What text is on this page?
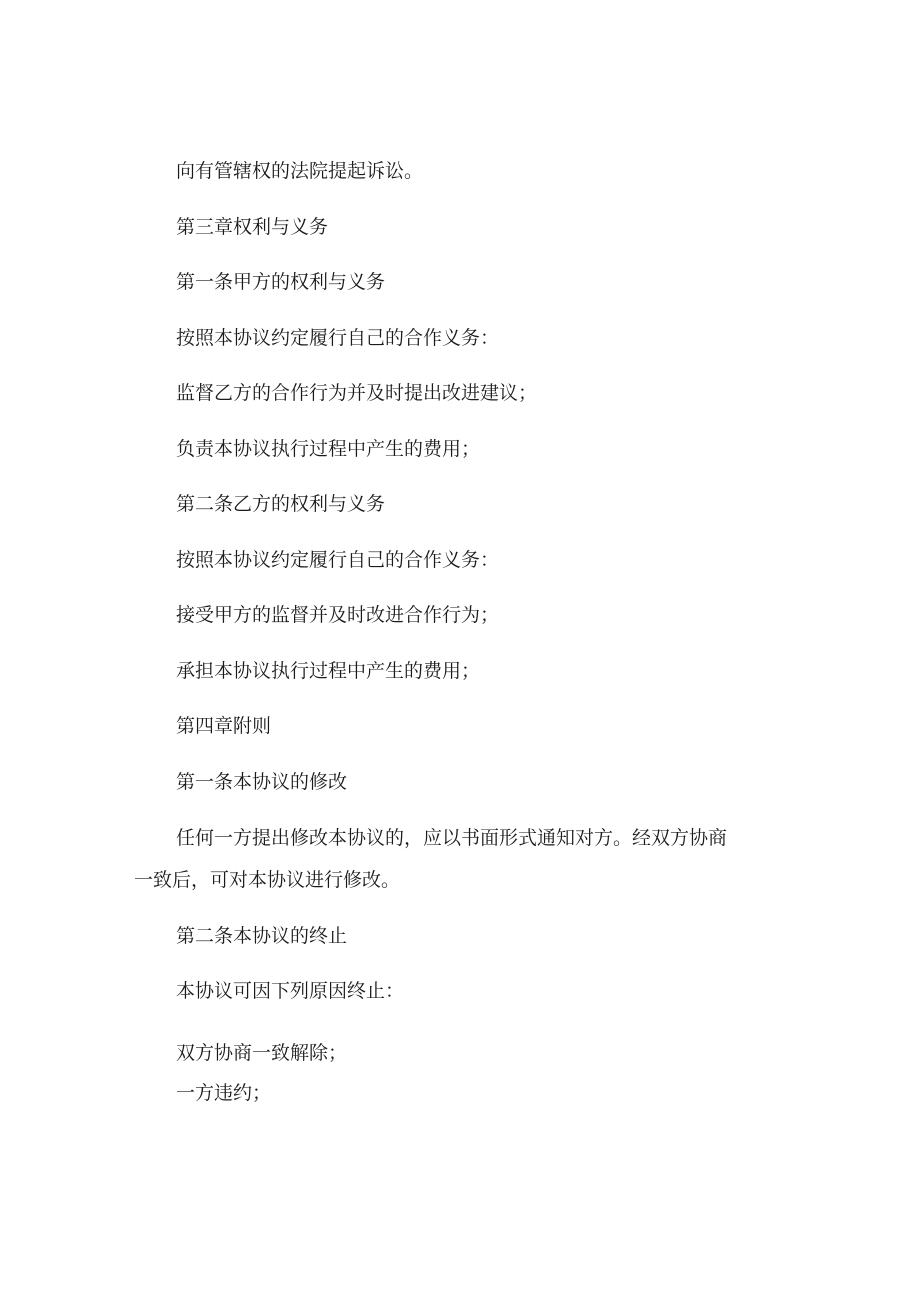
向有管辖权的法院提起诉讼。

第三章权利与义务

第一条甲方的权利与义务

按照本协议约定履行自己的合作义务：

监督乙方的合作行为并及时提出改进建议；

负责本协议执行过程中产生的费用；

第二条乙方的权利与义务

按照本协议约定履行自己的合作义务：

接受甲方的监督并及时改进合作行为；

承担本协议执行过程中产生的费用；

第四章附则

第一条本协议的修改

任何一方提出修改本协议的，应以书面形式通知对方。经双方协商

一致后，可对本协议进行修改。

第二条本协议的终止

本协议可因下列原因终止：

双方协商一致解除；

一方违约；
